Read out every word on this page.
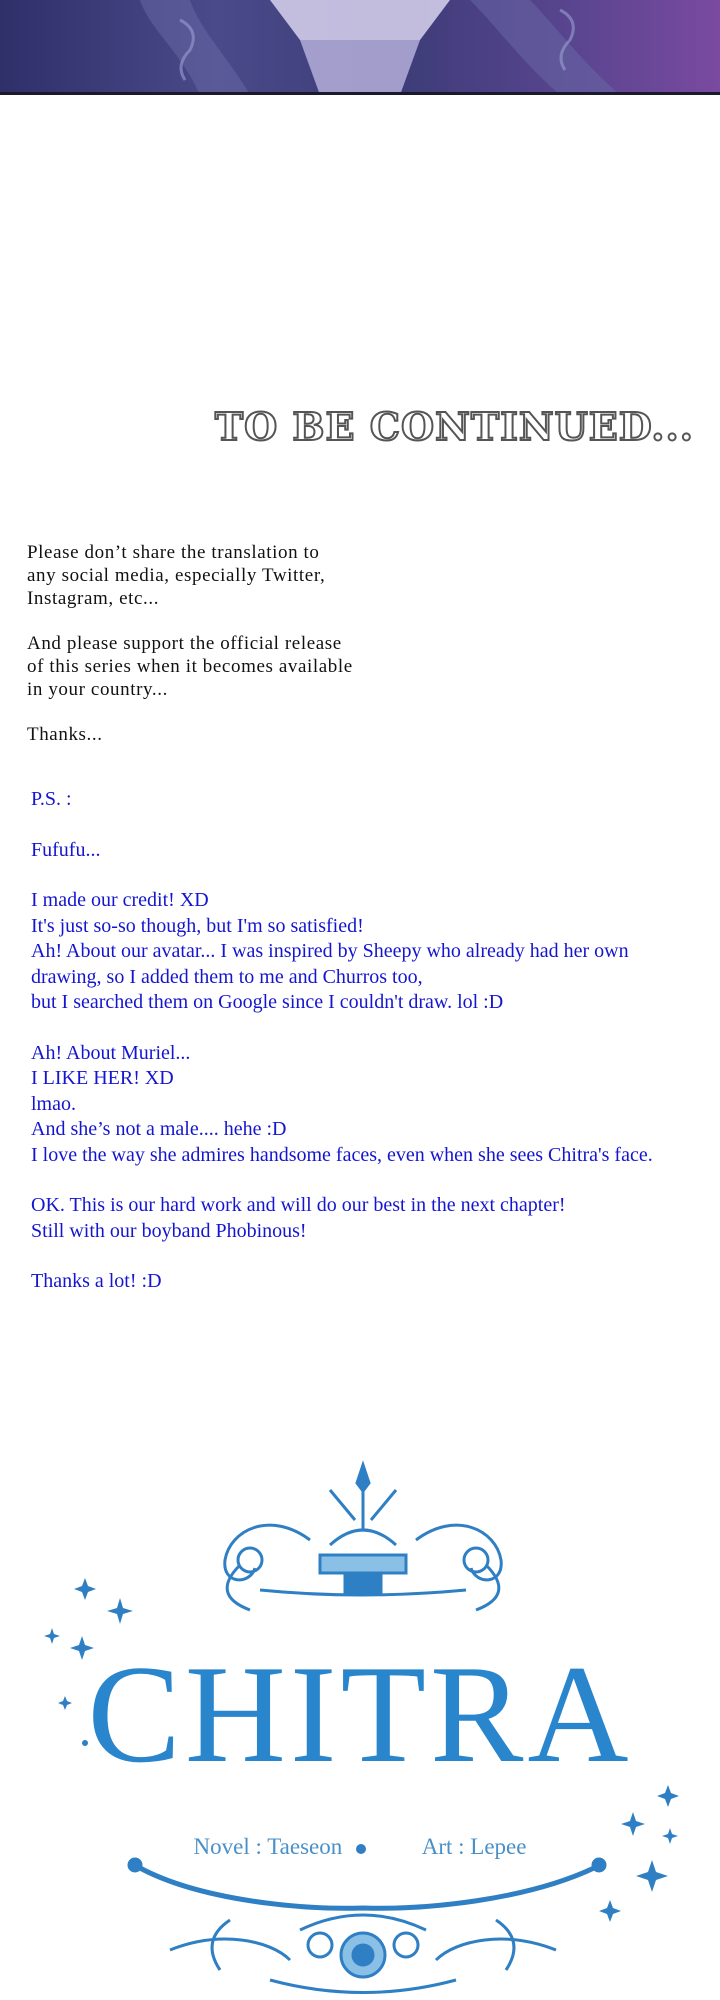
TO BE CONTINUED...

Please don’t share the translation to
any social media, especially Twitter,
Instagram, etc...

And please support the official release
of this series when it becomes available
in your country...

Thanks...

P.S. :

Fufufu...

I made our credit! XD
It's just so-so though, but I'm so satisfied!
Ah! About our avatar... I was inspired by Sheepy who already had her own
drawing, so I added them to me and Churros too,
but I searched them on Google since I couldn't draw. lol :D

Ah! About Muriel...
I LIKE HER! XD
lmao.
And she’s not a male.... hehe :D
I love the way she admires handsome faces, even when she sees Chitra's face.

OK. This is our hard work and will do our best in the next chapter!
Still with our boyband Phobinous!

Thanks a lot! :D

CHITRA
Novel : Taeseon	Art : Lepee
